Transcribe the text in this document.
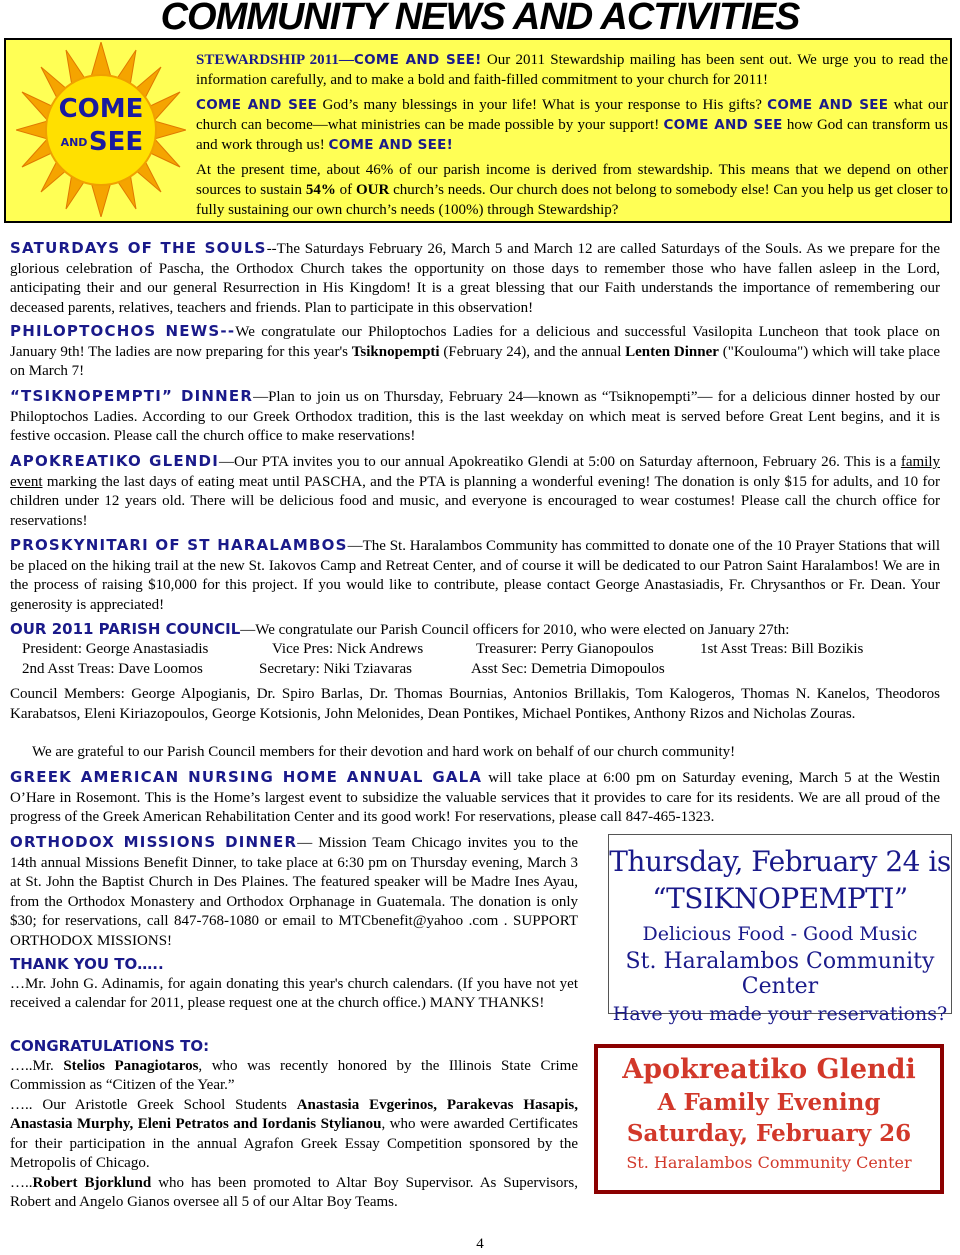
COMMUNITY NEWS AND ACTIVITIES
COME
AND SEE

STEWARDSHIP 2011—COME AND SEE! Our 2011 Stewardship mailing has been sent out. We urge you to read the information carefully, and to make a bold and faith-filled commitment to your church for 2011!

COME AND SEE God’s many blessings in your life! What is your response to His gifts? COME AND SEE what our church can become—what ministries can be made possible by your support! COME AND SEE how God can transform us and work through us! COME AND SEE!

At the present time, about 46% of our parish income is derived from stewardship. This means that we depend on other sources to sustain 54% of OUR church’s needs. Our church does not belong to somebody else! Can you help us get closer to fully sustaining our own church’s needs (100%) through Stewardship?

SATURDAYS OF THE SOULS--The Saturdays February 26, March 5 and March 12 are called Saturdays of the Souls. As we prepare for the glorious celebration of Pascha, the Orthodox Church takes the opportunity on those days to remember those who have fallen asleep in the Lord, anticipating their and our general Resurrection in His Kingdom! It is a great blessing that our Faith understands the importance of remembering our deceased parents, relatives, teachers and friends. Plan to participate in this observation!
PHILOPTOCHOS NEWS--We congratulate our Philoptochos Ladies for a delicious and successful Vasilopita Luncheon that took place on January 9th! The ladies are now preparing for this year's Tsiknopempti (February 24), and the annual Lenten Dinner ("Koulouma") which will take place on March 7!
“TSIKNOPEMPTI” DINNER—Plan to join us on Thursday, February 24—known as “Tsiknopempti”— for a delicious dinner hosted by our Philoptochos Ladies. According to our Greek Orthodox tradition, this is the last weekday on which meat is served before Great Lent begins, and it is festive occasion. Please call the church office to make reservations!
APOKREATIKO GLENDI—Our PTA invites you to our annual Apokreatiko Glendi at 5:00 on Saturday afternoon, February 26. This is a family event marking the last days of eating meat until PASCHA, and the PTA is planning a wonderful evening! The donation is only $15 for adults, and 10 for children under 12 years old. There will be delicious food and music, and everyone is encouraged to wear costumes! Please call the church office for reservations!
PROSKYNITARI OF ST HARALAMBOS—The St. Haralambos Community has committed to donate one of the 10 Prayer Stations that will be placed on the hiking trail at the new St. Iakovos Camp and Retreat Center, and of course it will be dedicated to our Patron Saint Haralambos! We are in the process of raising $10,000 for this project. If you would like to contribute, please contact George Anastasiadis, Fr. Chrysanthos or Fr. Dean. Your generosity is appreciated!
OUR 2011 PARISH COUNCIL—We congratulate our Parish Council officers for 2010, who were elected on January 27th:
President: George Anastasiadis	Vice Pres: Nick Andrews	Treasurer: Perry Gianopoulos	1st Asst Treas: Bill Bozikis
2nd Asst Treas: Dave Loomos	Secretary: Niki Tziavaras	Asst Sec: Demetria Dimopoulos
Council Members: George Alpogianis, Dr. Spiro Barlas, Dr. Thomas Bournias, Antonios Brillakis, Tom Kalogeros, Thomas N. Kanelos, Theodoros Karabatsos, Eleni Kiriazopoulos, George Kotsionis, John Melonides, Dean Pontikes, Michael Pontikes, Anthony Rizos and Nicholas Zouras.
We are grateful to our Parish Council members for their devotion and hard work on behalf of our church community!
GREEK AMERICAN NURSING HOME ANNUAL GALA will take place at 6:00 pm on Saturday evening, March 5 at the Westin O’Hare in Rosemont. This is the Home’s largest event to subsidize the valuable services that it provides to care for its residents. We are all proud of the progress of the Greek American Rehabilitation Center and its good work! For reservations, please call 847-465-1323.
ORTHODOX MISSIONS DINNER— Mission Team Chicago invites you to the 14th annual Missions Benefit Dinner, to take place at 6:30 pm on Thursday evening, March 3 at St. John the Baptist Church in Des Plaines. The featured speaker will be Madre Ines Ayau, from the Orthodox Monastery and Orthodox Orphanage in Guatemala. The donation is only $30; for reservations, call 847-768-1080 or email to MTCbenefit@yahoo .com . SUPPORT ORTHODOX MISSIONS!
THANK YOU TO…..
…Mr. John G. Adinamis, for again donating this year's church calendars. (If you have not yet received a calendar for 2011, please request one at the church office.) MANY THANKS!
CONGRATULATIONS TO:
…..Mr. Stelios Panagiotaros, who was recently honored by the Illinois State Crime Commission as “Citizen of the Year.”
….. Our Aristotle Greek School Students Anastasia Evgerinos, Parakevas Hasapis, Anastasia Murphy, Eleni Petratos and Iordanis Stylianou, who were awarded Certificates for their participation in the annual Agrafon Greek Essay Competition sponsored by the Metropolis of Chicago.
…..Robert Bjorklund who has been promoted to Altar Boy Supervisor. As Supervisors, Robert and Angelo Gianos oversee all 5 of our Altar Boy Teams.
Thursday, February 24 is
“TSIKNOPEMPTI”
Delicious Food - Good Music
St. Haralambos Community Center
Have you made your reservations?
Apokreatiko Glendi
A Family Evening
Saturday, February 26
St. Haralambos Community Center
4
